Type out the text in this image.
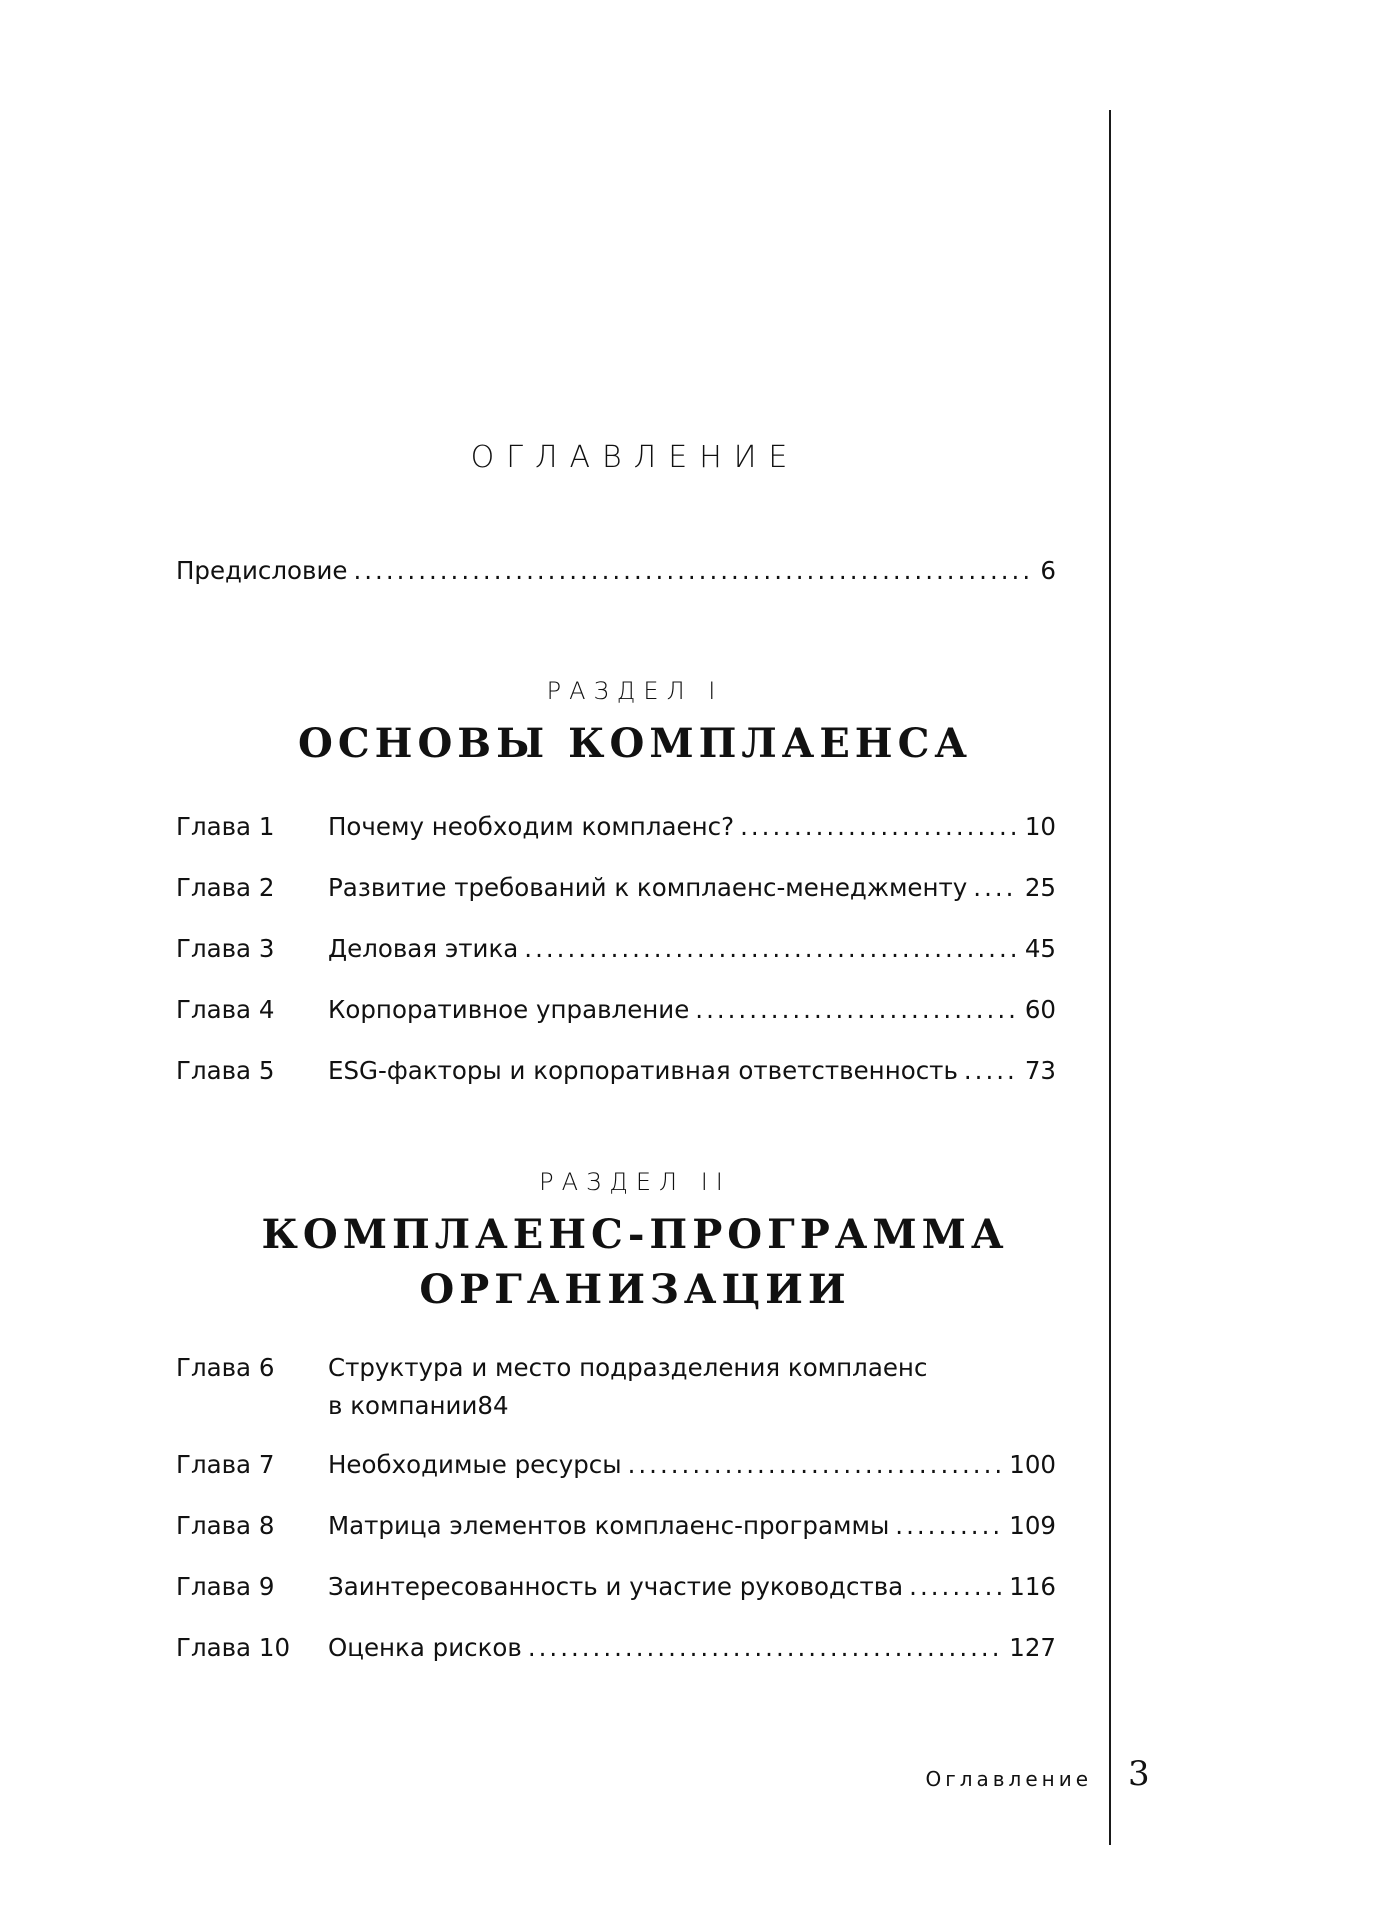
ОГЛАВЛЕНИЕ
Предисловие .....	6
РАЗДЕЛ I
ОСНОВЫ КОМПЛАЕНСА
Глава 1	Почему необходим комплаенс? .....	10
Глава 2	Развитие требований к комплаенс-менеджменту ..... 25
Глава 3	Деловая этика .....	45
Глава 4	Корпоративное управление .....	60
Глава 5	ESG-факторы и корпоративная ответственность .....	73
РАЗДЕЛ II
КОМПЛАЕНС-ПРОГРАММА
ОРГАНИЗАЦИИ
Глава 6	Структура и место подразделения комплаенс
в компании 84
Глава 7	Необходимые ресурсы .....	100
Глава 8	Матрица элементов комплаенс-программы .....	109
Глава 9	Заинтересованность и участие руководства .....	116
Глава 10	Оценка рисков .....	127
Оглавление 3
